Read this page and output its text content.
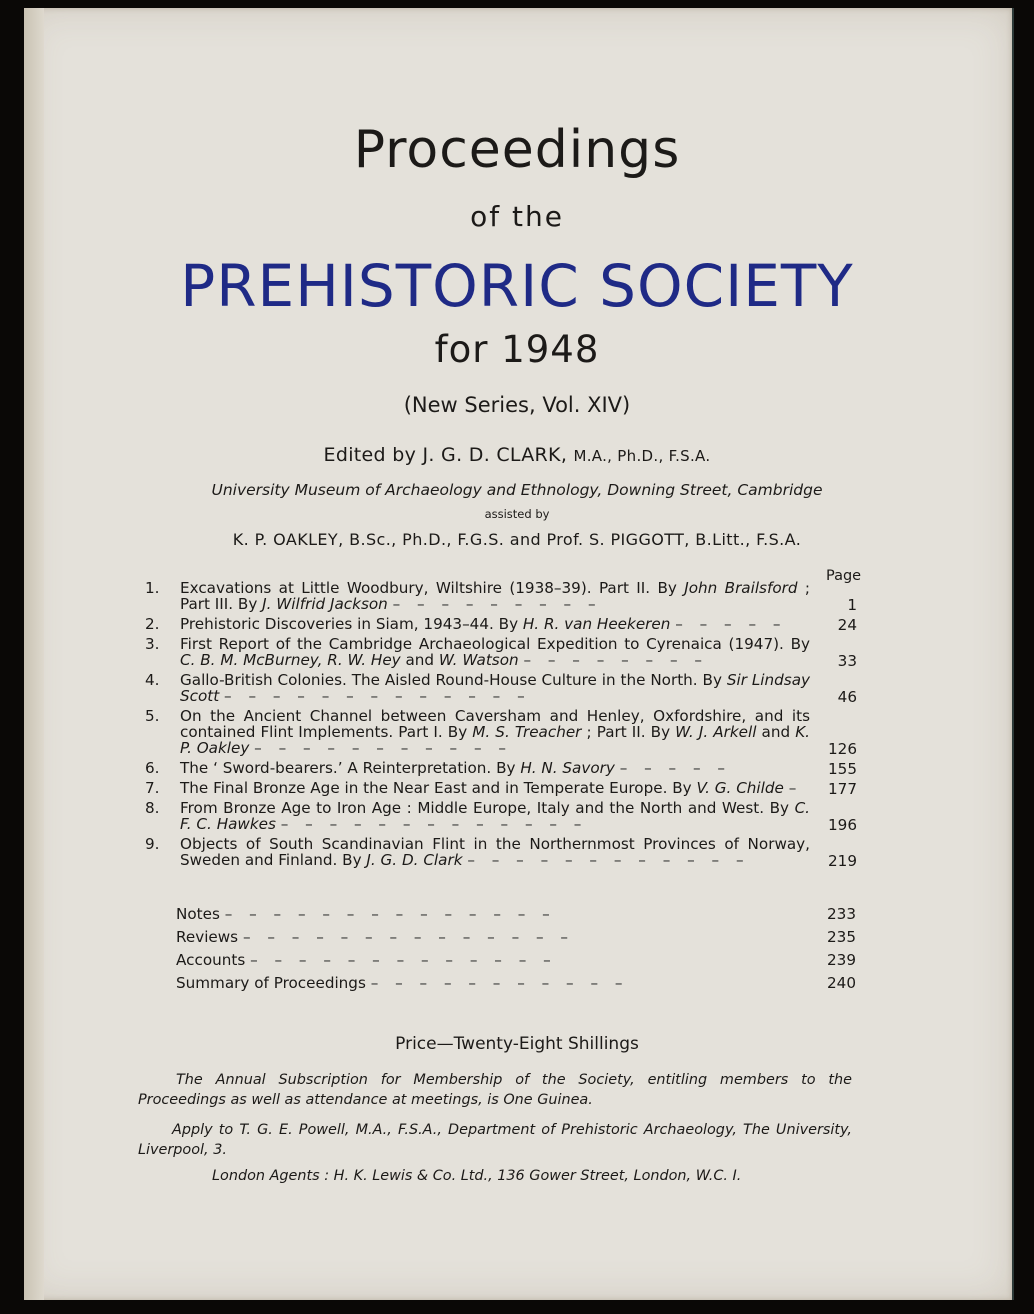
Proceedings
of the
PREHISTORIC SOCIETY
for 1948
(New Series, Vol. XIV)
Edited by J. G. D. CLARK, M.A., Ph.D., F.S.A.
University Museum of Archaeology and Ethnology, Downing Street, Cambridge
assisted by
K. P. OAKLEY, B.Sc., Ph.D., F.G.S. and Prof. S. PIGGOTT, B.Litt., F.S.A.
Page
1.	Excavations at Little Woodbury, Wiltshire (1938–39). Part II. By John Brailsford ; Part III. By J. Wilfrid Jackson – – – – – – – – –	1
2.	Prehistoric Discoveries in Siam, 1943–44. By H. R. van Heekeren – – – – –	24
3.	First Report of the Cambridge Archaeological Expedition to Cyrenaica (1947). By C. B. M. McBurney, R. W. Hey and W. Watson – – – – – – – –	33
4.	Gallo-British Colonies. The Aisled Round-House Culture in the North. By Sir Lindsay Scott – – – – – – – – – – – – –	46
5.	On the Ancient Channel between Caversham and Henley, Oxfordshire, and its contained Flint Implements. Part I. By M. S. Treacher ; Part II. By W. J. Arkell and K. P. Oakley – – – – – – – – – – –	126
6.	The ‘ Sword-bearers.’ A Reinterpretation. By H. N. Savory – – – – –	155
7.	The Final Bronze Age in the Near East and in Temperate Europe. By V. G. Childe –	177
8.	From Bronze Age to Iron Age : Middle Europe, Italy and the North and West. By C. F. C. Hawkes – – – – – – – – – – – – –	196
9.	Objects of South Scandinavian Flint in the Northernmost Provinces of Norway, Sweden and Finland. By J. G. D. Clark – – – – – – – – – – – –	219
Notes – – – – – – – – – – – – – –	233
Reviews – – – – – – – – – – – – – –	235
Accounts – – – – – – – – – – – – –	239
Summary of Proceedings – – – – – – – – – – –	240
Price—Twenty-Eight Shillings
The Annual Subscription for Membership of the Society, entitling members to the Proceedings as well as attendance at meetings, is One Guinea.
Apply to T. G. E. Powell, M.A., F.S.A., Department of Prehistoric Archaeology, The University, Liverpool, 3.
London Agents : H. K. Lewis & Co. Ltd., 136 Gower Street, London, W.C. I.
